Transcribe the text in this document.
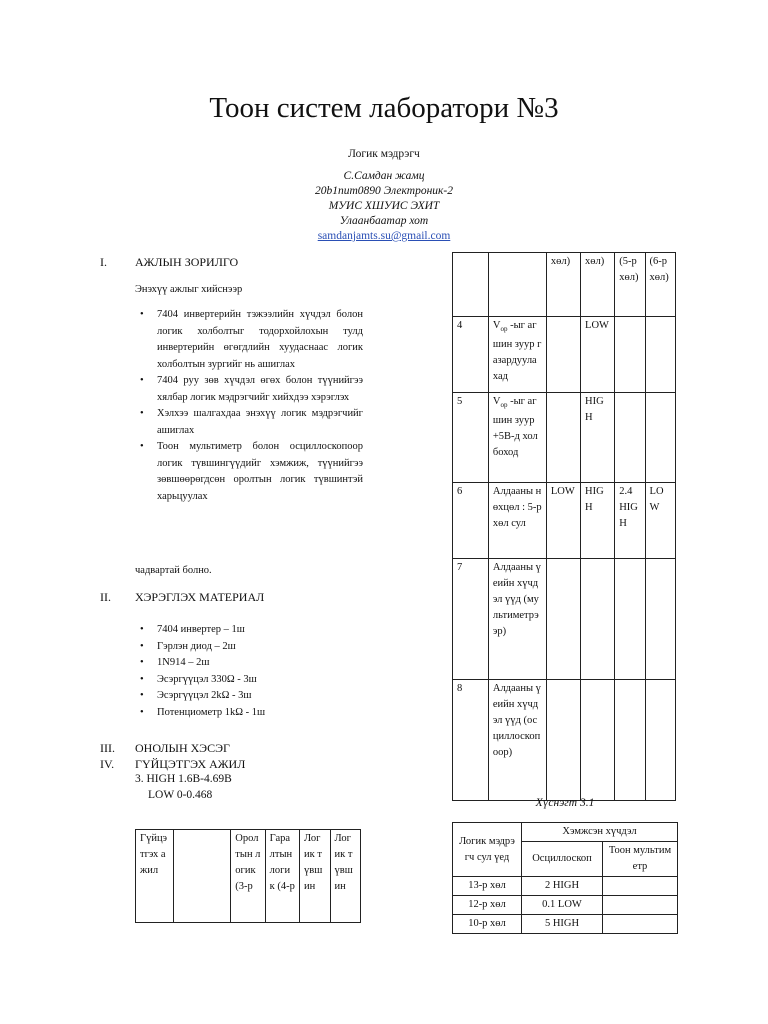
Тоон систем лаборатори №3
Логик мэдрэгч
С.Самдан жамц
20b1num0890 Электроник-2
МУИС ХШУИС ЭХИТ
Улаанбаатар хот
samdanjamts.su@gmail.com
I. АЖЛЫН ЗОРИЛГО
Энэхүү ажлыг хийснээр
• 7404 инвертерийн тэжээлийн хүчдэл болон логик холболтыг тодорхойлохын тулд инвертерийн өгөгдлийн хуудаснаас логик холболтын зургийг нь ашиглах
• 7404 руу зөв хүчдэл өгөх болон түүнийгээ хялбар логик мэдрэгчийг хийхдээ хэрэглэх
• Хэлхээ шалгахдаа энэхүү логик мэдрэгчийг ашиглах
• Тоон мультиметр болон осциллоскопоор логик түвшингүүдийг хэмжиж, түүнийгээ зөвшөөрөгдсөн оролтын логик түвшинтэй харьцуулах
чадвартай болно.
II. ХЭРЭГЛЭХ МАТЕРИАЛ
• 7404 инвертер – 1ш
• Гэрлэн диод – 2ш
• 1N914 – 2ш
• Эсэргүүцэл 330Ω - 3ш
• Эсэргүүцэл 2kΩ - 3ш
• Потенциометр 1kΩ - 1ш
III. ОНОЛЫН ХЭСЭГ
IV. ГҮЙЦЭТГЭХ АЖИЛ
3. HIGH 1.6В-4.69В
LOW 0-0.468
Гүйцэтгэх ажил		Оролтын логик (3-р	Гаралтын логик (4-р	Логик түвшин	Логик түвшин
		хөл)	хөл)	(5-р хөл)	(6-р хөл)
4	$V_{ор}$ -ыг агшин зуур газардуулахад		LOW		
5	$V_{ор}$ -ыг агшин зуур +5В-д холбоход		HIGH		
6	Алдааны нөхцөл : 5-р хөл сул	LOW	HIGH	2.4 HIGH	LOW
7	Алдааны үеийн хүчдэл үүд (мультиметрээр)				
8	Алдааны үеийн хүчдэл үүд (осциллоскопоор)				
Хүснэгт 3.1
Логик мэдрэгч сул үед	Хэмжсэн хүчдэл	
	Осциллоскоп	Тоон мультиметр
13-р хөл	2 HIGH	
12-р хөл	0.1 LOW	
10-р хөл	5 HIGH	
